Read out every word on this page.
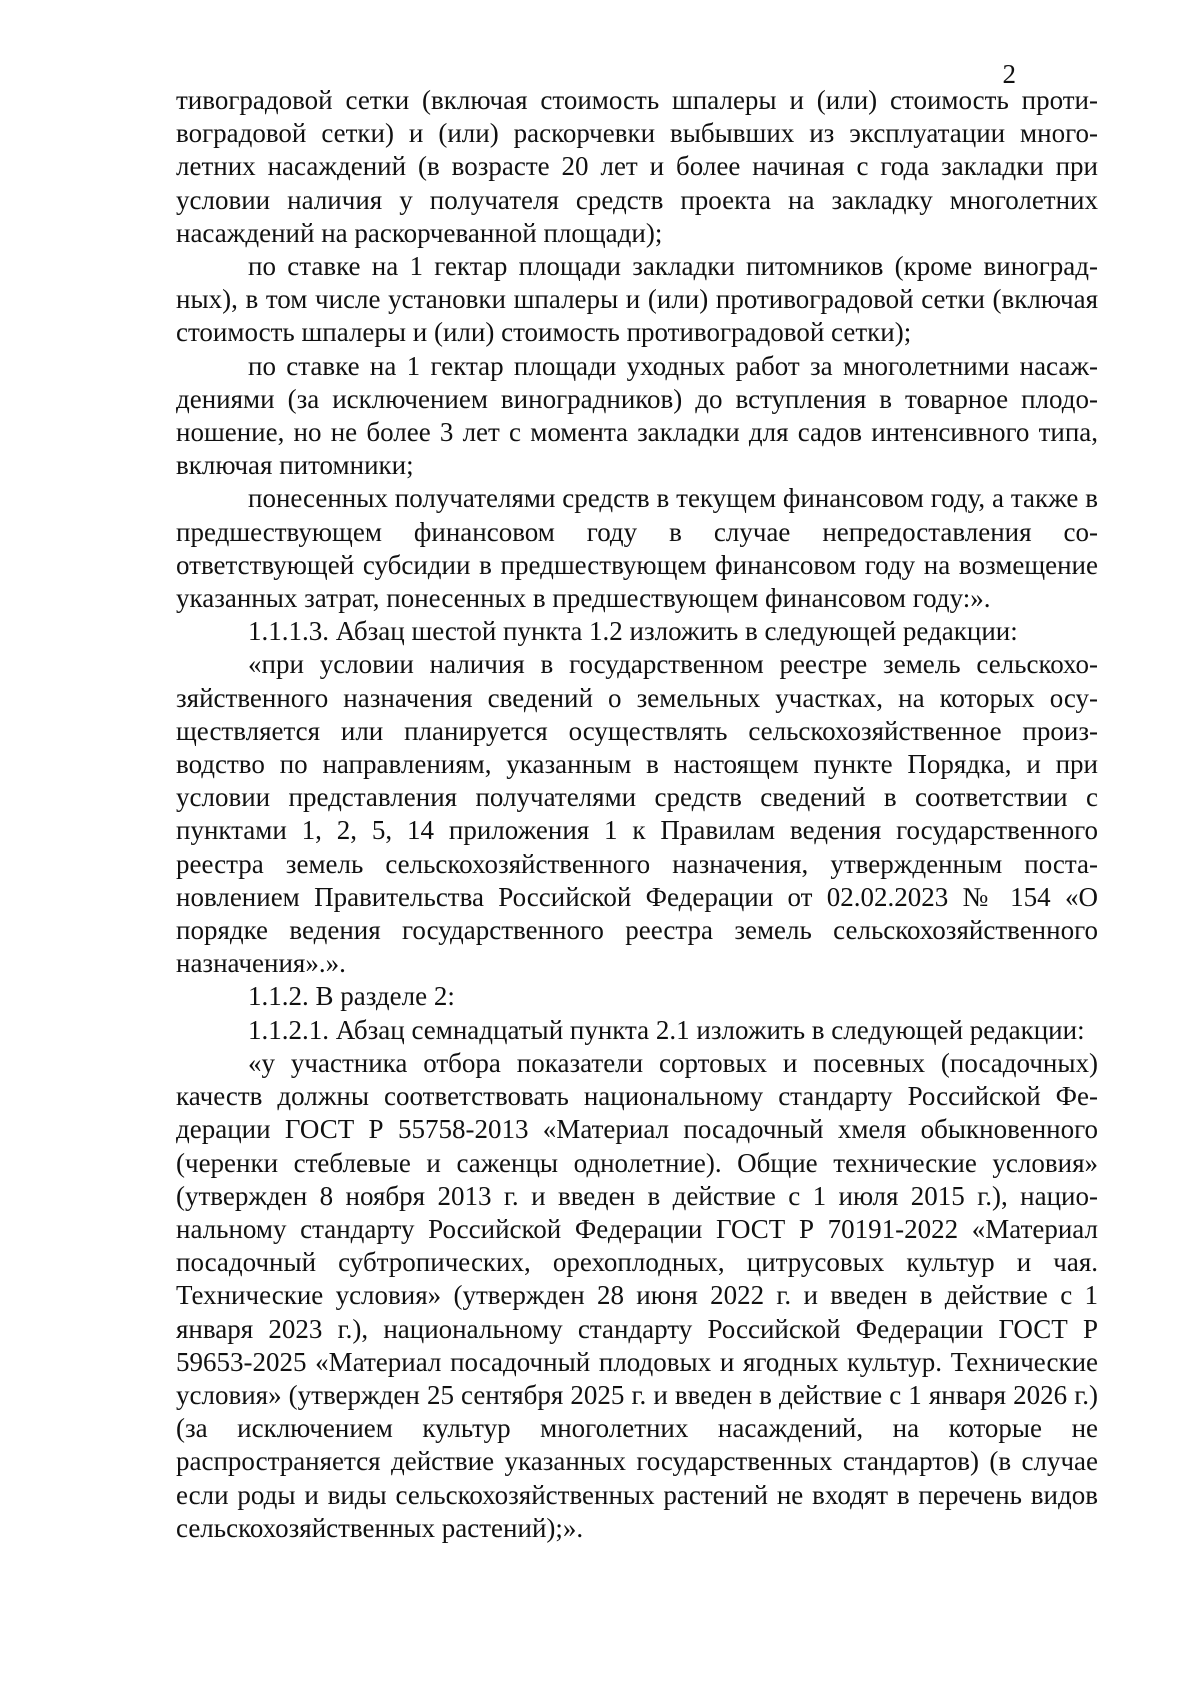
2

тивоградовой сетки (включая стоимость шпалеры и (или) стоимость противоградовой сетки) и (или) раскорчевки выбывших из эксплуатации многолетних насаждений (в возрасте 20 лет и более начиная с года закладки при условии наличия у получателя средств проекта на закладку многолетних насаждений на раскорчеванной площади);

по ставке на 1 гектар площади закладки питомников (кроме виноградных), в том числе установки шпалеры и (или) противоградовой сетки (включая стоимость шпалеры и (или) стоимость противоградовой сетки);

по ставке на 1 гектар площади уходных работ за многолетними насаждениями (за исключением виноградников) до вступления в товарное плодоношение, но не более 3 лет с момента закладки для садов интенсивного типа, включая питомники;

понесенных получателями средств в текущем финансовом году, а также в предшествующем финансовом году в случае непредоставления соответствующей субсидии в предшествующем финансовом году на возмещение указанных затрат, понесенных в предшествующем финансовом году:».

1.1.1.3. Абзац шестой пункта 1.2 изложить в следующей редакции:

«при условии наличия в государственном реестре земель сельскохозяйственного назначения сведений о земельных участках, на которых осуществляется или планируется осуществлять сельскохозяйственное производство по направлениям, указанным в настоящем пункте Порядка, и при условии представления получателями средств сведений в соответствии с пунктами 1, 2, 5, 14 приложения 1 к Правилам ведения государственного реестра земель сельскохозяйственного назначения, утвержденным постановлением Правительства Российской Федерации от 02.02.2023 № 154 «О порядке ведения государственного реестра земель сельскохозяйственного назначения».».

1.1.2. В разделе 2:

1.1.2.1. Абзац семнадцатый пункта 2.1 изложить в следующей редакции:

«у участника отбора показатели сортовых и посевных (посадочных) качеств должны соответствовать национальному стандарту Российской Федерации ГОСТ Р 55758-2013 «Материал посадочный хмеля обыкновенного (черенки стеблевые и саженцы однолетние). Общие технические условия» (утвержден 8 ноября 2013 г. и введен в действие с 1 июля 2015 г.), национальному стандарту Российской Федерации ГОСТ Р 70191-2022 «Материал посадочный субтропических, орехоплодных, цитрусовых культур и чая. Технические условия» (утвержден 28 июня 2022 г. и введен в действие с 1 января 2023 г.), национальному стандарту Российской Федерации ГОСТ Р 59653-2025 «Материал посадочный плодовых и ягодных культур. Технические условия» (утвержден 25 сентября 2025 г. и введен в действие с 1 января 2026 г.) (за исключением культур многолетних насаждений, на которые не распространяется действие указанных государственных стандартов) (в случае если роды и виды сельскохозяйственных растений не входят в перечень видов сельскохозяйственных растений);».
